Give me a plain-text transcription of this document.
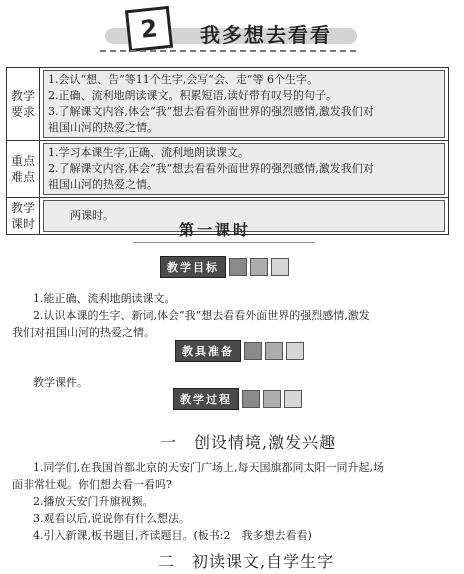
2 我多想去看看
教学要求
1.会认“想、告”等11个生字,会写“会、走”等 6个生字。
2.正确、流利地朗读课文。积累短语,读好带有叹号的句子。
3.了解课文内容,体会“我”想去看看外面世界的强烈感情,激发我们对
祖国山河的热爱之情。
重点难点
1.学习本课生字,正确、流利地朗读课文。
2.了解课文内容,体会“我”想去看看外面世界的强烈感情,激发我们对
祖国山河的热爱之情。
教学课时
两课时。
第一课时
教学目标
1.能正确、流利地朗读课文。
2.认识本课的生字、新词,体会“我”想去看看外面世界的强烈感情,激发
我们对祖国山河的热爱之情。
教具准备
教学课件。
教学过程
一　创设情境,激发兴趣
1.同学们,在我国首都北京的天安门广场上,每天国旗都同太阳一同升起,场
面非常壮观。你们想去看一看吗?
2.播放天安门升旗视频。
3.观看以后,说说你有什么想法。
4.引入新课,板书题目,齐读题目。(板书:2　我多想去看看)
二　初读课文,自学生字
